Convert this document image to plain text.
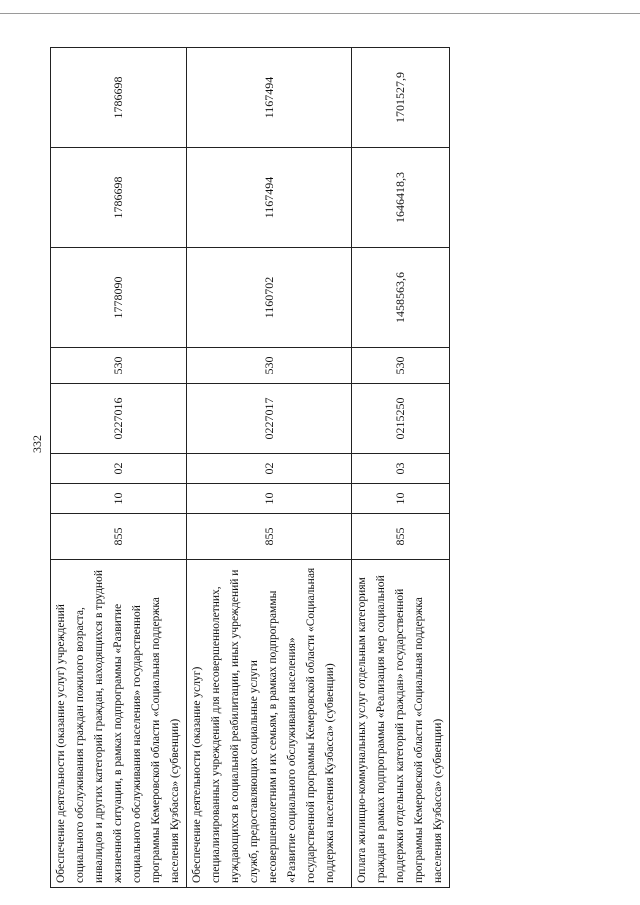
332
Обеспечение деятельности (оказание услуг) учреждений социального обслуживания граждан пожилого возраста, инвалидов и других категорий граждан, находящихся в трудной жизненной ситуации, в рамках подпрограммы «Развитие социального обслуживания населения» государственной программы Кемеровской области «Социальная поддержка населения Кузбасса» (субвенции)	855	10	02	0227016	530	1778090	1786698	1786698
Обеспечение деятельности (оказание услуг) специализированных учреждений для несовершеннолетних, нуждающихся в социальной реабилитации, иных учреждений и служб, предоставляющих социальные услуги несовершеннолетним и их семьям, в рамках подпрограммы «Развитие социального обслуживания населения» государственной программы Кемеровской области «Социальная поддержка населения Кузбасса» (субвенции)	855	10	02	0227017	530	1160702	1167494	1167494
Оплата жилищно-коммунальных услуг отдельным категориям граждан в рамках подпрограммы «Реализация мер социальной поддержки отдельных категорий граждан» государственной программы Кемеровской области «Социальная поддержка населения Кузбасса» (субвенции)	855	10	03	0215250	530	1458563,6	1646418,3	1701527,9
